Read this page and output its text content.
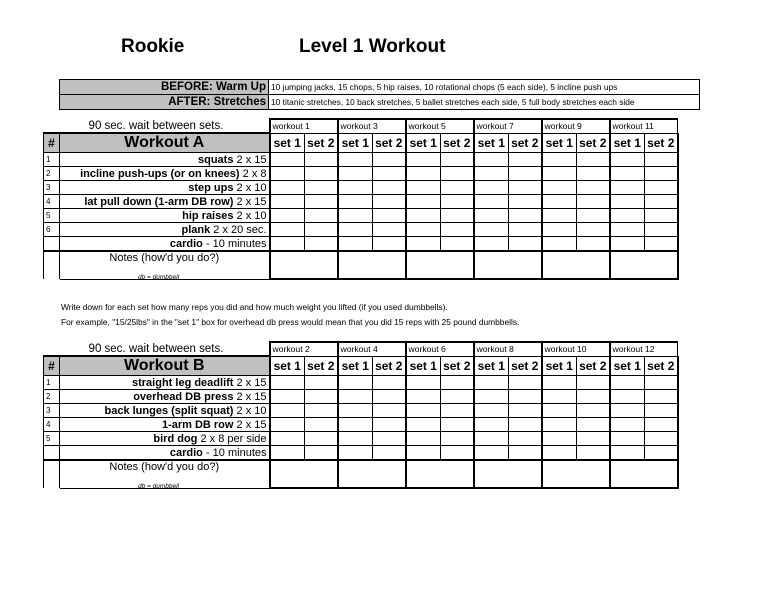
Rookie	Level 1 Workout
BEFORE: Warm Up	10 jumping jacks, 15 chops, 5 hip raises, 10 rotational chops (5 each side), 5 incline push ups
AFTER: Stretches	10 titanic stretches, 10 back stretches, 5 ballet stretches each side, 5 full body stretches each side
Write down for each set how many reps you did and how much weight you lifted (if you used dumbbells).
For example, "15/25lbs" in the "set 1" box for overhead db press would mean that you did 15 reps with 25 pound dumbbells.
90 sec. wait between sets.		workout 1		workout 3		workout 5		workout 7		workout 9		workout 11	
#	Workout A	set 1	set 2	set 1	set 2	set 1	set 2	set 1	set 2	set 1	set 2	set 1	set 2
1	squats 2 x 15												
2	incline push-ups (or on knees) 2 x 8												
3	step ups 2 x 10												
4	lat pull down (1-arm DB row) 2 x 15												
5	hip raises 2 x 10												
6	plank 2 x 20 sec.												
	cardio - 10 minutes												
	Notes (how'd you do?)												
db = dumbbell
90 sec. wait between sets.		workout 2		workout 4		workout 6		workout 8		workout 10		workout 12	
#	Workout B	set 1	set 2	set 1	set 2	set 1	set 2	set 1	set 2	set 1	set 2	set 1	set 2
1	straight leg deadlift 2 x 15												
2	overhead DB press 2 x 15												
3	back lunges (split squat) 2 x 10												
4	1-arm DB row 2 x 15												
5	bird dog 2 x 8 per side												
	cardio - 10 minutes												
	Notes (how'd you do?)												
db = dumbbell
